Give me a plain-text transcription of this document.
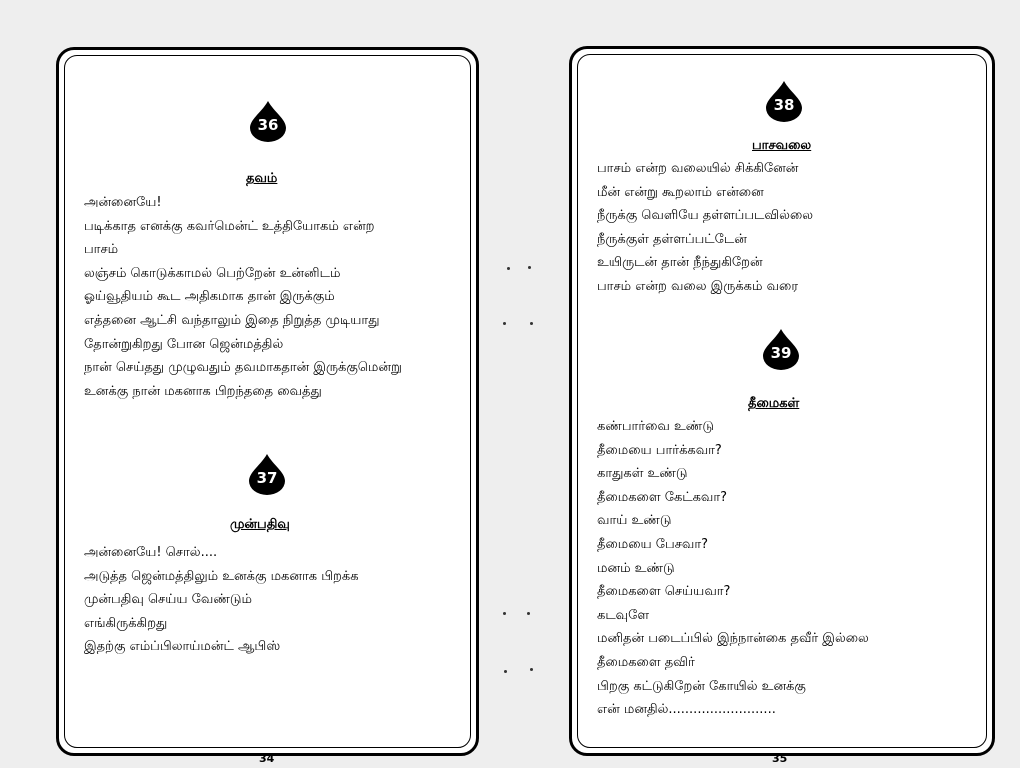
36
தவம்
அன்னையே!
படிக்காத எனக்கு கவர்மென்ட் உத்தியோகம் என்ற
பாசம்
லஞ்சம் கொடுக்காமல் பெற்றேன் உன்னிடம்
ஓய்வூதியம் கூட அதிகமாக தான் இருக்கும்
எத்தனை ஆட்சி வந்தாலும் இதை நிறுத்த முடியாது
தோன்றுகிறது போன ஜென்மத்தில்
நான் செய்தது முழுவதும் தவமாகதான் இருக்குமென்று
உனக்கு நான் மகனாக பிறந்ததை வைத்து
37
முன்பதிவு
அன்னையே! சொல்....
அடுத்த ஜென்மத்திலும் உனக்கு மகனாக பிறக்க
முன்பதிவு செய்ய வேண்டும்
எங்கிருக்கிறது
இதற்கு எம்ப்பிலாய்மன்ட் ஆபிஸ்
34
38
பாசவலை
பாசம் என்ற வலையில் சிக்கினேன்
மீன் என்று கூறலாம் என்னை
நீருக்கு வெளியே தள்ளப்படவில்லை
நீருக்குள் தள்ளப்பட்டேன்
உயிருடன் தான் நீந்துகிறேன்
பாசம் என்ற வலை இருக்கம் வரை
39
தீமைகள்
கண்பார்வை உண்டு
தீமையை பார்க்கவா?
காதுகள் உண்டு
தீமைகளை கேட்கவா?
வாய் உண்டு
தீமையை பேசவா?
மனம் உண்டு
தீமைகளை செய்யவா?
கடவுளே
மனிதன் படைப்பில் இந்நான்கை தவீர் இல்லை
தீமைகளை தவிர்
பிறகு கட்டுகிறேன் கோயில் உனக்கு
என் மனதில்..........................
35
